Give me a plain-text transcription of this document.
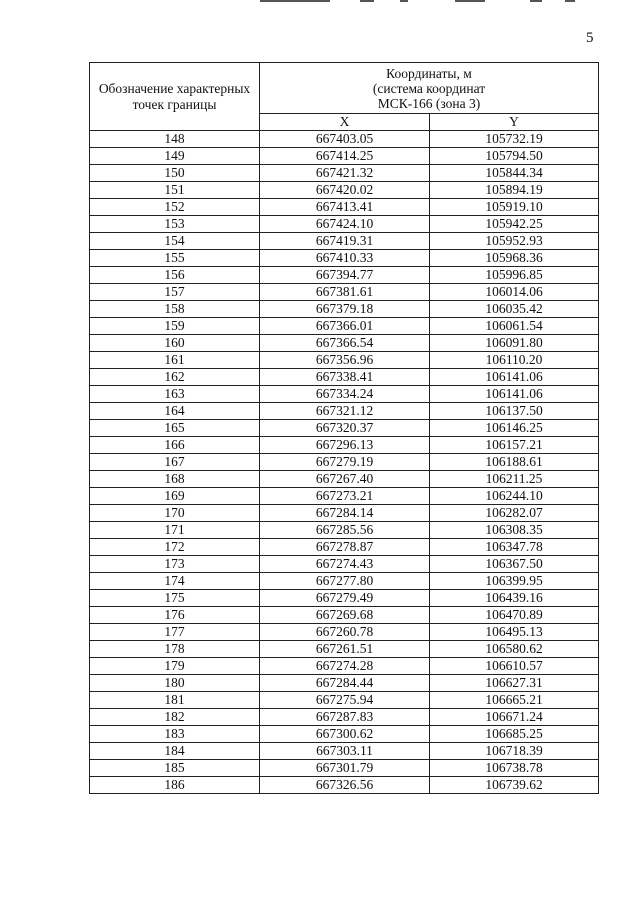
5
Обозначение характерных точек границы	Координаты, м
(система координат
МСК-166 (зона 3)	

	X	Y
148	667403.05	105732.19
149	667414.25	105794.50
150	667421.32	105844.34
151	667420.02	105894.19
152	667413.41	105919.10
153	667424.10	105942.25
154	667419.31	105952.93
155	667410.33	105968.36
156	667394.77	105996.85
157	667381.61	106014.06
158	667379.18	106035.42
159	667366.01	106061.54
160	667366.54	106091.80
161	667356.96	106110.20
162	667338.41	106141.06
163	667334.24	106141.06
164	667321.12	106137.50
165	667320.37	106146.25
166	667296.13	106157.21
167	667279.19	106188.61
168	667267.40	106211.25
169	667273.21	106244.10
170	667284.14	106282.07
171	667285.56	106308.35
172	667278.87	106347.78
173	667274.43	106367.50
174	667277.80	106399.95
175	667279.49	106439.16
176	667269.68	106470.89
177	667260.78	106495.13
178	667261.51	106580.62
179	667274.28	106610.57
180	667284.44	106627.31
181	667275.94	106665.21
182	667287.83	106671.24
183	667300.62	106685.25
184	667303.11	106718.39
185	667301.79	106738.78
186	667326.56	106739.62
